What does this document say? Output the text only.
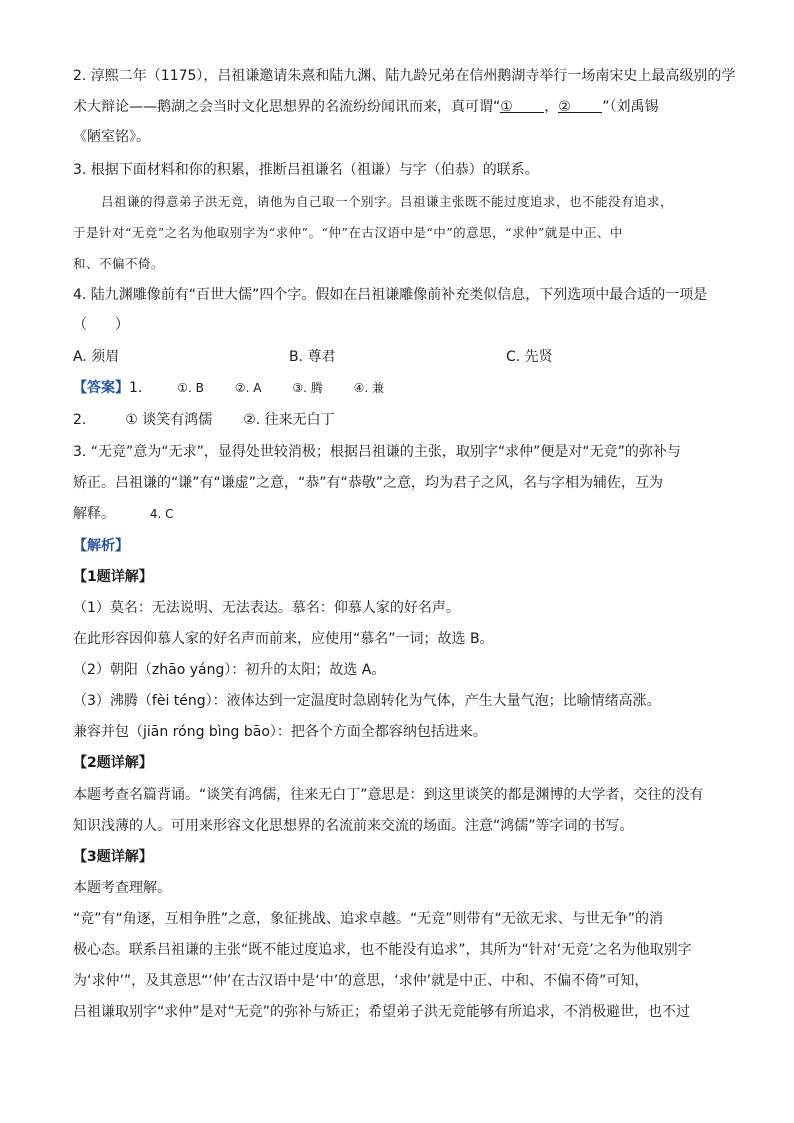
2. 淳熙二年（1175），吕祖谦邀请朱熹和陆九渊、陆九龄兄弟在信州鹅湖寺举行一场南宋史上最高级别的学

术大辩论——鹅湖之会当时文化思想界的名流纷纷闻讯而来，真可谓“① ，② ”（刘禹锡

《陋室铭》。

3. 根据下面材料和你的积累，推断吕祖谦名（祖谦）与字（伯恭）的联系。

吕祖谦的得意弟子洪无竞，请他为自己取一个别字。吕祖谦主张既不能过度追求，也不能没有追求，

于是针对“无竞”之名为他取别字为“求仲”。“仲”在古汉语中是“中”的意思，“求仲”就是中正、中

和、不偏不倚。

4. 陆九渊雕像前有“百世大儒”四个字。假如在吕祖谦雕像前补充类似信息，下列选项中最合适的一项是

（　　）

A. 须眉	B. 尊君	C. 先贤
【答案】1.	①. B	②. A	③. 腾	④. 兼
2.	① 谈笑有鸿儒 ②. 往来无白丁

3. “无竞”意为“无求”，显得处世较消极；根据吕祖谦的主张，取别字“求仲”便是对“无竞”的弥补与

矫正。吕祖谦的“谦”有“谦虚”之意，“恭”有“恭敬”之意，均为君子之风，名与字相为辅佐，互为

解释。	4. C

【解析】

【1题详解】

（1）莫名：无法说明、无法表达。慕名：仰慕人家的好名声。

在此形容因仰慕人家的好名声而前来，应使用“慕名”一词；故选 B。

（2）朝阳（zhāo yáng）：初升的太阳；故选 A。

（3）沸腾（fèi téng）：液体达到一定温度时急剧转化为气体，产生大量气泡；比喻情绪高涨。

兼容并包（jiān róng bìng bāo）：把各个方面全都容纳包括进来。

【2题详解】

本题考查名篇背诵。“谈笑有鸿儒，往来无白丁”意思是：到这里谈笑的都是渊博的大学者，交往的没有

知识浅薄的人。可用来形容文化思想界的名流前来交流的场面。注意“鸿儒”等字词的书写。

【3题详解】

本题考查理解。

“竞”有“角逐，互相争胜”之意，象征挑战、追求卓越。“无竞”则带有“无欲无求、与世无争”的消

极心态。联系吕祖谦的主张“既不能过度追求，也不能没有追求”，其所为“针对‘无竞’之名为他取别字

为‘求仲’”，及其意思“‘仲’在古汉语中是‘中’的意思，‘求仲’就是中正、中和、不偏不倚”可知，

吕祖谦取别字“求仲”是对“无竞”的弥补与矫正；希望弟子洪无竞能够有所追求，不消极避世，也不过
